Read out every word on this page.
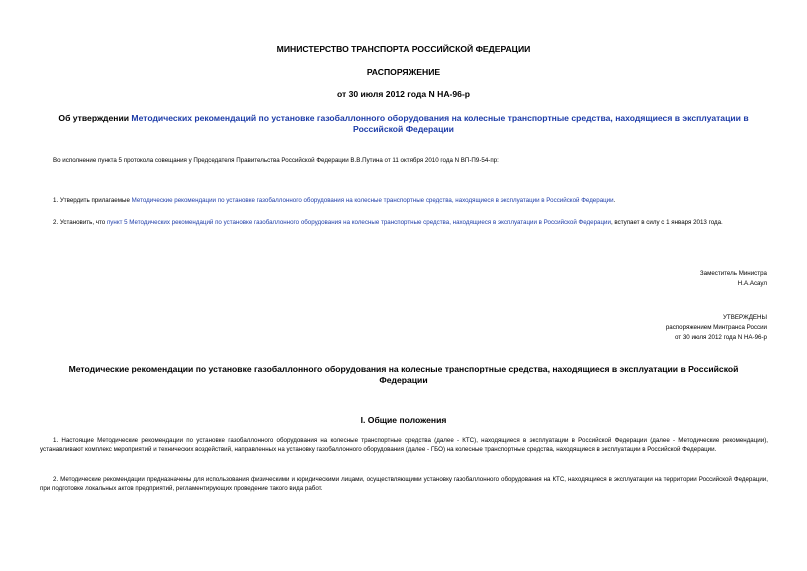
МИНИСТЕРСТВО ТРАНСПОРТА РОССИЙСКОЙ ФЕДЕРАЦИИ
РАСПОРЯЖЕНИЕ
от 30 июля 2012 года N НА-96-р
Об утверждении Методических рекомендаций по установке газобаллонного оборудования на колесные транспортные средства, находящиеся в эксплуатации в Российской Федерации
Во исполнение пункта 5 протокола совещания у Председателя Правительства Российской Федерации В.В.Путина от 11 октября 2010 года N ВП-П9-54-пр:
1. Утвердить прилагаемые Методические рекомендации по установке газобаллонного оборудования на колесные транспортные средства, находящиеся в эксплуатации в Российской Федерации.
2. Установить, что пункт 5 Методических рекомендаций по установке газобаллонного оборудования на колесные транспортные средства, находящиеся в эксплуатации в Российской Федерации, вступает в силу с 1 января 2013 года.
Заместитель Министра
Н.А.Асаул
УТВЕРЖДЕНЫ
распоряжением Минтранса России
от 30 июля 2012 года N НА-96-р
Методические рекомендации по установке газобаллонного оборудования на колесные транспортные средства, находящиеся в эксплуатации в Российской Федерации
I. Общие положения
1. Настоящие Методические рекомендации по установке газобаллонного оборудования на колесные транспортные средства (далее - КТС), находящиеся в эксплуатации в Российской Федерации (далее - Методические рекомендации), устанавливают комплекс мероприятий и технических воздействий, направленных на установку газобаллонного оборудования (далее - ГБО) на колесные транспортные средства, находящиеся в эксплуатации в Российской Федерации.
2. Методические рекомендации предназначены для использования физическими и юридическими лицами, осуществляющими установку газобаллонного оборудования на КТС, находящиеся в эксплуатации на территории Российской Федерации, при подготовке локальных актов предприятий, регламентирующих проведение такого вида работ.
